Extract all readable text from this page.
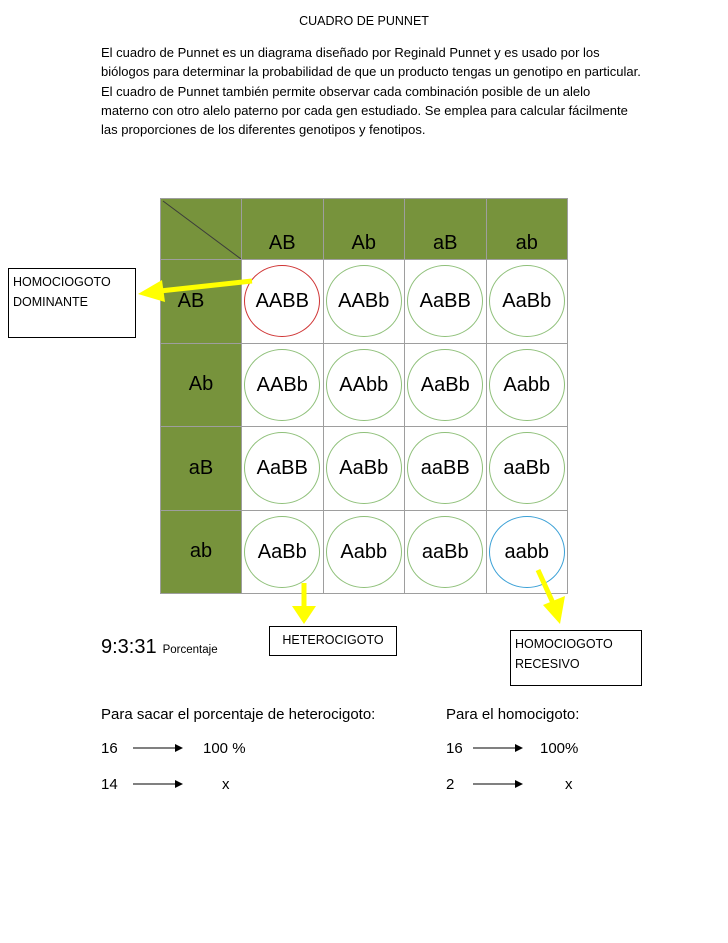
CUADRO DE PUNNET
El cuadro de Punnet es un diagrama diseñado por Reginald Punnet y es usado por los biólogos para determinar la probabilidad de que un producto tengas un genotipo en particular. El cuadro de Punnet también permite observar cada combinación posible de un alelo materno con otro alelo paterno por cada gen estudiado. Se emplea para calcular fácilmente las proporciones de los diferentes genotipos y fenotipos.
	AB	Ab	aB	ab
AB	AABB	AABb	AaBB	AaBb
Ab	AABb	AAbb	AaBb	Aabb
aB	AaBB	AaBb	aaBB	aaBb
ab	AaBb	Aabb	aaBb	aabb
HOMOCIOGOTO DOMINANTE
HETEROCIGOTO	HOMOCIOGOTO RECESIVO
9:3:31 Porcentaje
Para sacar el porcentaje de heterocigoto:
16	100 %
14	x
Para el homocigoto:
16	100%
2	x
